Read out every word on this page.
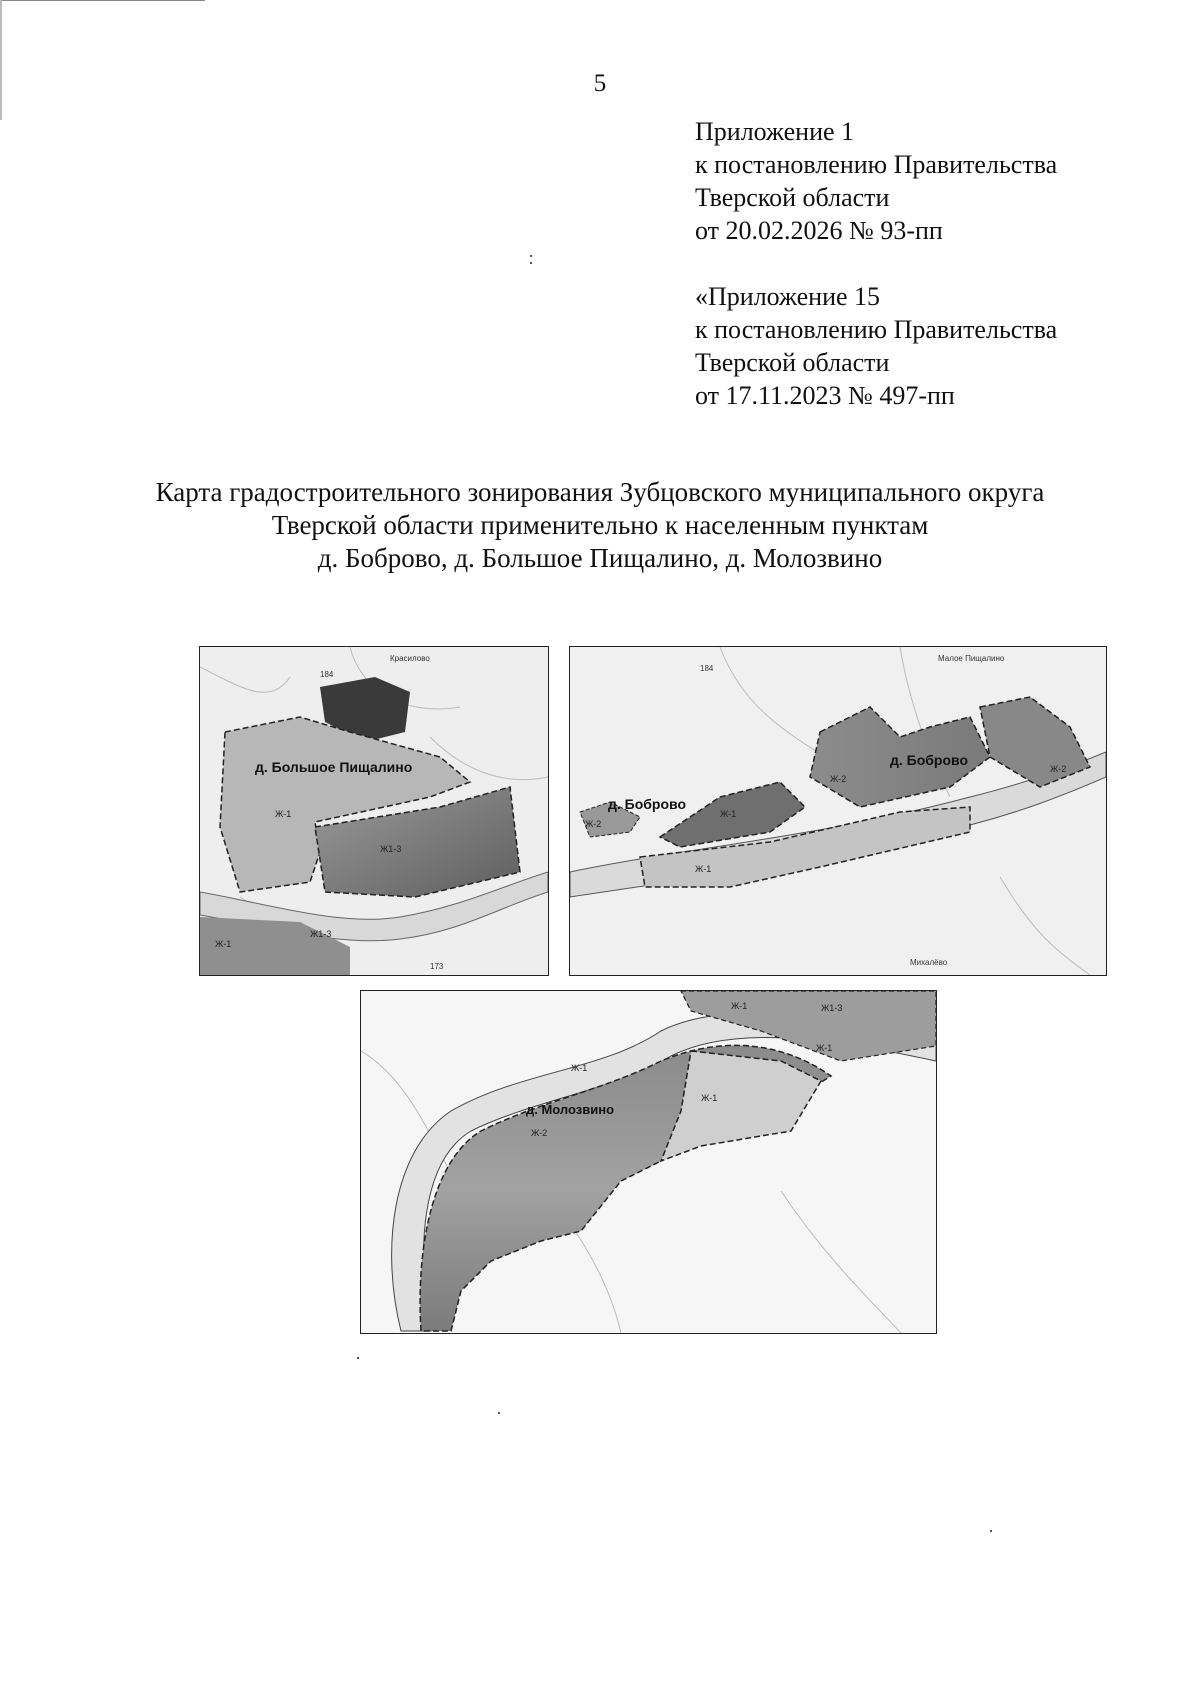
5
Приложение 1
к постановлению Правительства
Тверской области
от 20.02.2026 № 93-пп
«Приложение 15
к постановлению Правительства
Тверской области
от 17.11.2023 № 497-пп
Карта градостроительного зонирования Зубцовского муниципального округа
Тверской области применительно к населенным пунктам
д. Боброво, д. Большое Пищалино, д. Молозвино
Красилово
184
173
д. Большое Пищалино
Ж-1
Ж1-3
Ж-1
Ж1-3
Малое Пищалино
184
Михалёво
д. Боброво
д. Боброво
Ж-2
Ж-2
Ж-1
Ж-1
Ж-2
Ж-1	Ж1-3
Ж-1
Ж-1
Ж-1
д. Молозвино
Ж-2
